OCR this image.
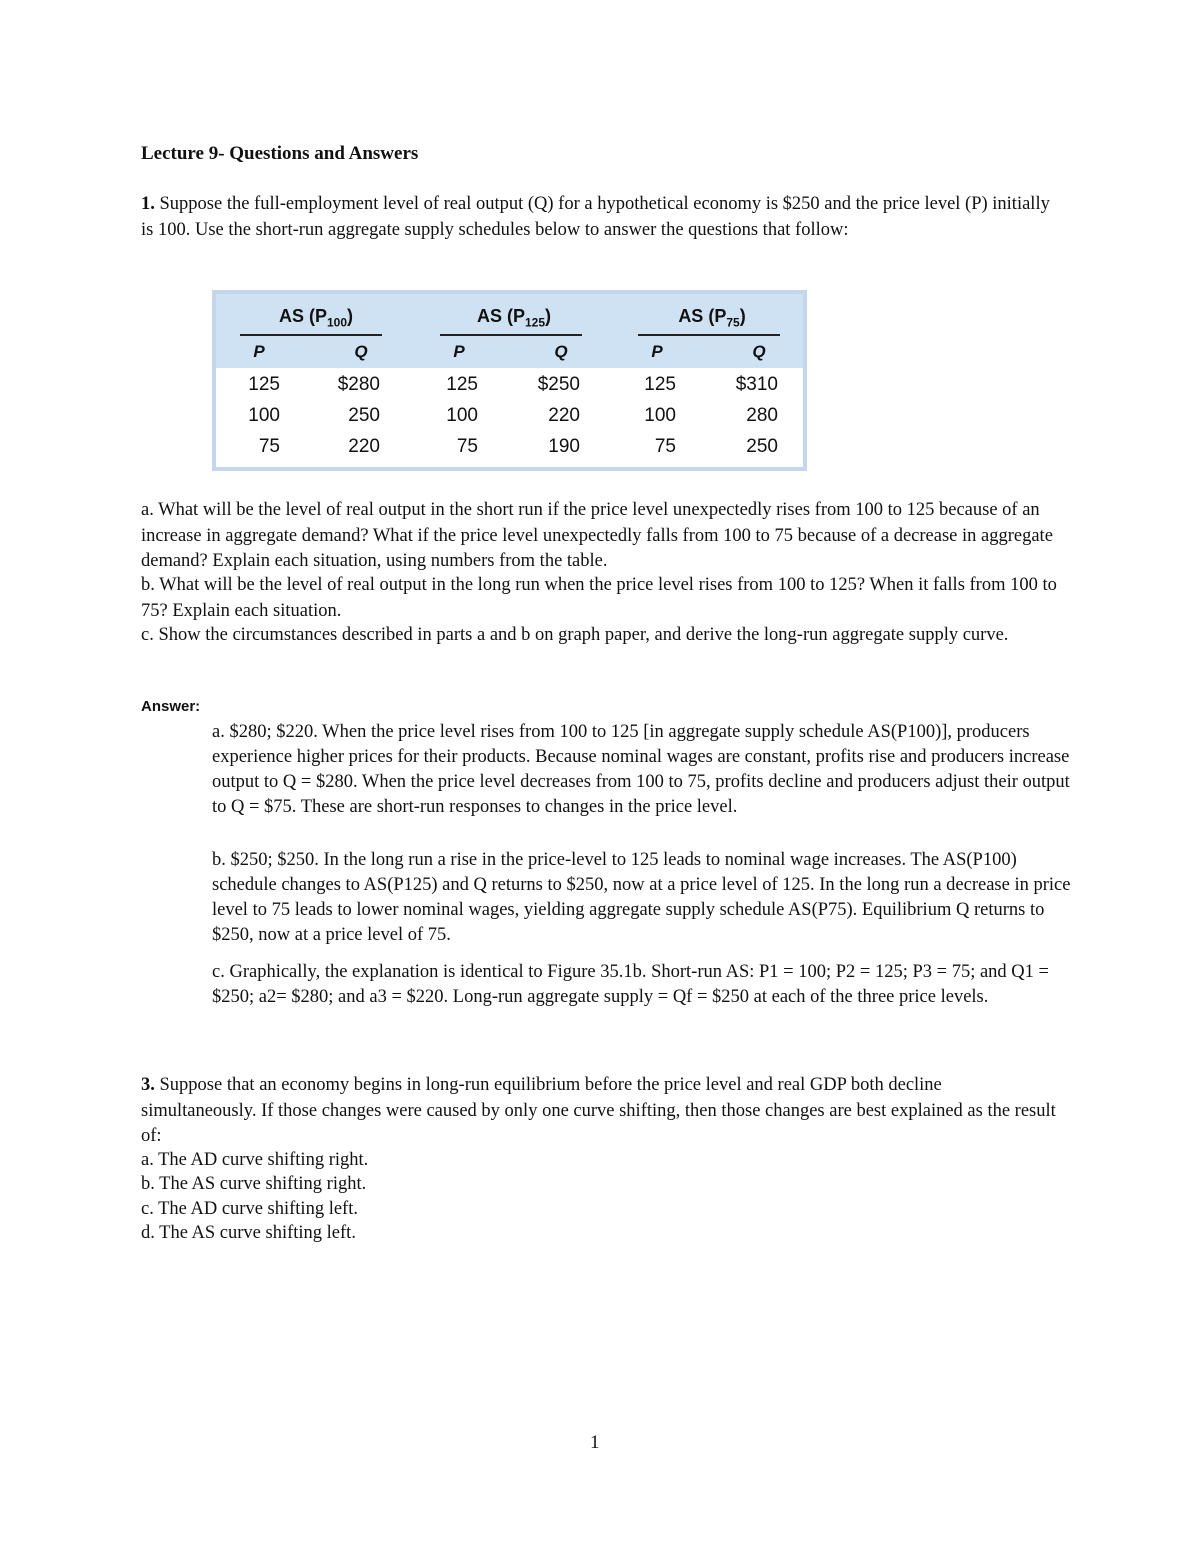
Lecture 9- Questions and Answers
1. Suppose the full-employment level of real output (Q) for a hypothetical economy is $250 and the price level (P) initially is 100. Use the short-run aggregate supply schedules below to answer the questions that follow:
AS $(P_{100})$	AS $(P_{125})$	AS $(P_{75})$
P	Q	P	Q	P	Q
125	$280	125	$250	125	$310
100	250	100	220	100	280
75	220	75	190	75	250
a. What will be the level of real output in the short run if the price level unexpectedly rises from 100 to 125 because of an increase in aggregate demand? What if the price level unexpectedly falls from 100 to 75 because of a decrease in aggregate demand? Explain each situation, using numbers from the table.
b. What will be the level of real output in the long run when the price level rises from 100 to 125? When it falls from 100 to 75? Explain each situation.
c. Show the circumstances described in parts a and b on graph paper, and derive the long-run aggregate supply curve.
Answer:
a. $280; $220. When the price level rises from 100 to 125 [in aggregate supply schedule AS(P100)], producers experience higher prices for their products. Because nominal wages are constant, profits rise and producers increase output to Q = $280. When the price level decreases from 100 to 75, profits decline and producers adjust their output to Q = $75. These are short-run responses to changes in the price level.
b. $250; $250. In the long run a rise in the price-level to 125 leads to nominal wage increases. The AS(P100) schedule changes to AS(P125) and Q returns to $250, now at a price level of 125. In the long run a decrease in price level to 75 leads to lower nominal wages, yielding aggregate supply schedule AS(P75). Equilibrium Q returns to $250, now at a price level of 75.
c. Graphically, the explanation is identical to Figure 35.1b. Short-run AS: P1 = 100; P2 = 125; P3 = 75; and Q1 = $250; a2= $280; and a3 = $220. Long-run aggregate supply = Qf = $250 at each of the three price levels.
3. Suppose that an economy begins in long-run equilibrium before the price level and real GDP both decline simultaneously. If those changes were caused by only one curve shifting, then those changes are best explained as the result of:
a. The AD curve shifting right.
b. The AS curve shifting right.
c. The AD curve shifting left.
d. The AS curve shifting left.
1
